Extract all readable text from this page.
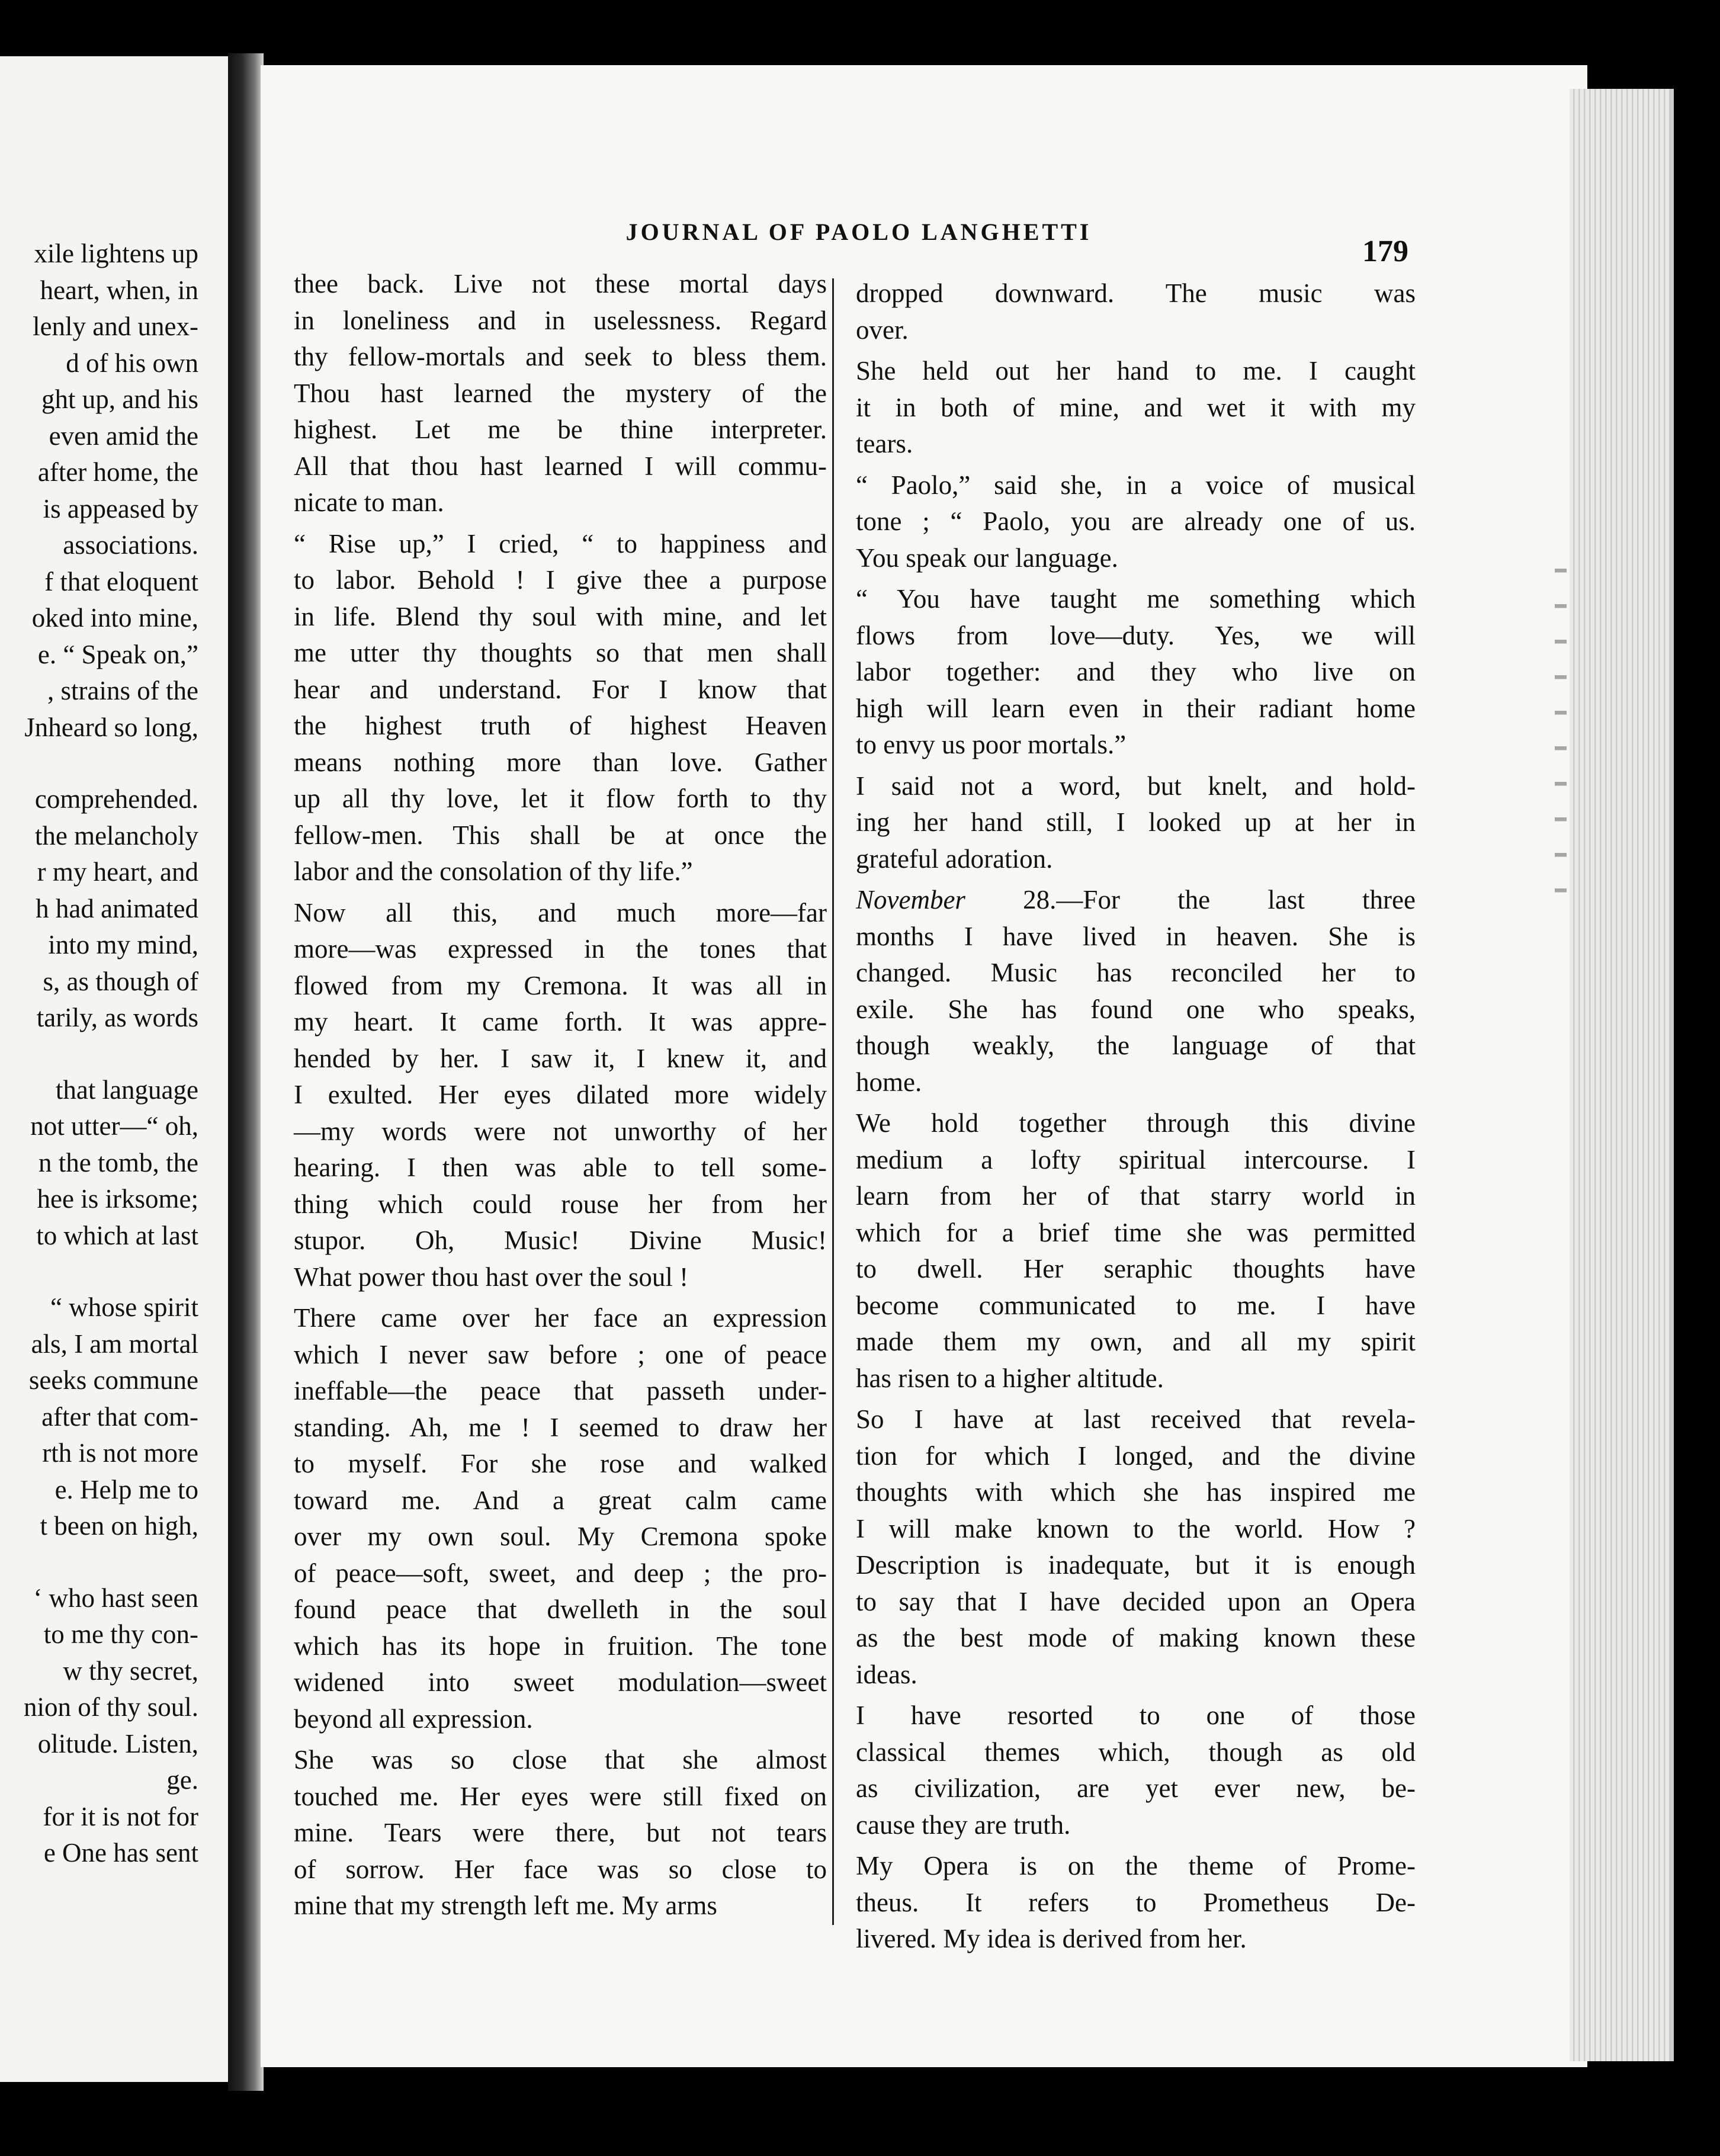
JOURNAL OF PAOLO LANGHETTI
179
xile lightens up
heart, when, in
lenly and unex-
d of his own
ght up, and his
even amid the
after home, the
is appeased by
associations.
f that eloquent
oked into mine,
e. “ Speak on,”
, strains of the
Jnheard so long,
comprehended.
the melancholy
r my heart, and
h had animated
into my mind,
s, as though of
tarily, as words
that language
not utter—“ oh,
n the tomb, the
hee is irksome;
to which at last
“ whose spirit
als, I am mortal
seeks commune
after that com-
rth is not more
e. Help me to
t been on high,
‘ who hast seen
to me thy con-
w thy secret,
nion of thy soul.
olitude. Listen,
ge.
for it is not for
e One has sent
thee back. Live not these mortal days
in loneliness and in uselessness. Regard
thy fellow-mortals and seek to bless them.
Thou hast learned the mystery of the
highest. Let me be thine interpreter.
All that thou hast learned I will commu-
nicate to man.
“ Rise up,” I cried, “ to happiness and
to labor. Behold ! I give thee a purpose
in life. Blend thy soul with mine, and let
me utter thy thoughts so that men shall
hear and understand. For I know that
the highest truth of highest Heaven
means nothing more than love. Gather
up all thy love, let it flow forth to thy
fellow-men. This shall be at once the
labor and the consolation of thy life.”
Now all this, and much more—far
more—was expressed in the tones that
flowed from my Cremona. It was all in
my heart. It came forth. It was appre-
hended by her. I saw it, I knew it, and
I exulted. Her eyes dilated more widely
—my words were not unworthy of her
hearing. I then was able to tell some-
thing which could rouse her from her
stupor. Oh, Music! Divine Music!
What power thou hast over the soul !
There came over her face an expression
which I never saw before ; one of peace
ineffable—the peace that passeth under-
standing. Ah, me ! I seemed to draw her
to myself. For she rose and walked
toward me. And a great calm came
over my own soul. My Cremona spoke
of peace—soft, sweet, and deep ; the pro-
found peace that dwelleth in the soul
which has its hope in fruition. The tone
widened into sweet modulation—sweet
beyond all expression.
She was so close that she almost
touched me. Her eyes were still fixed on
mine. Tears were there, but not tears
of sorrow. Her face was so close to
mine that my strength left me. My arms
dropped downward. The music was
over.
She held out her hand to me. I caught
it in both of mine, and wet it with my
tears.
“ Paolo,” said she, in a voice of musical
tone ; “ Paolo, you are already one of us.
You speak our language.
“ You have taught me something which
flows from love—duty. Yes, we will
labor together: and they who live on
high will learn even in their radiant home
to envy us poor mortals.”
I said not a word, but knelt, and hold-
ing her hand still, I looked up at her in
grateful adoration.
November 28.—For the last three
months I have lived in heaven. She is
changed. Music has reconciled her to
exile. She has found one who speaks,
though weakly, the language of that
home.
We hold together through this divine
medium a lofty spiritual intercourse. I
learn from her of that starry world in
which for a brief time she was permitted
to dwell. Her seraphic thoughts have
become communicated to me. I have
made them my own, and all my spirit
has risen to a higher altitude.
So I have at last received that revela-
tion for which I longed, and the divine
thoughts with which she has inspired me
I will make known to the world. How ?
Description is inadequate, but it is enough
to say that I have decided upon an Opera
as the best mode of making known these
ideas.
I have resorted to one of those
classical themes which, though as old
as civilization, are yet ever new, be-
cause they are truth.
My Opera is on the theme of Prome-
theus. It refers to Prometheus De-
livered. My idea is derived from her.
